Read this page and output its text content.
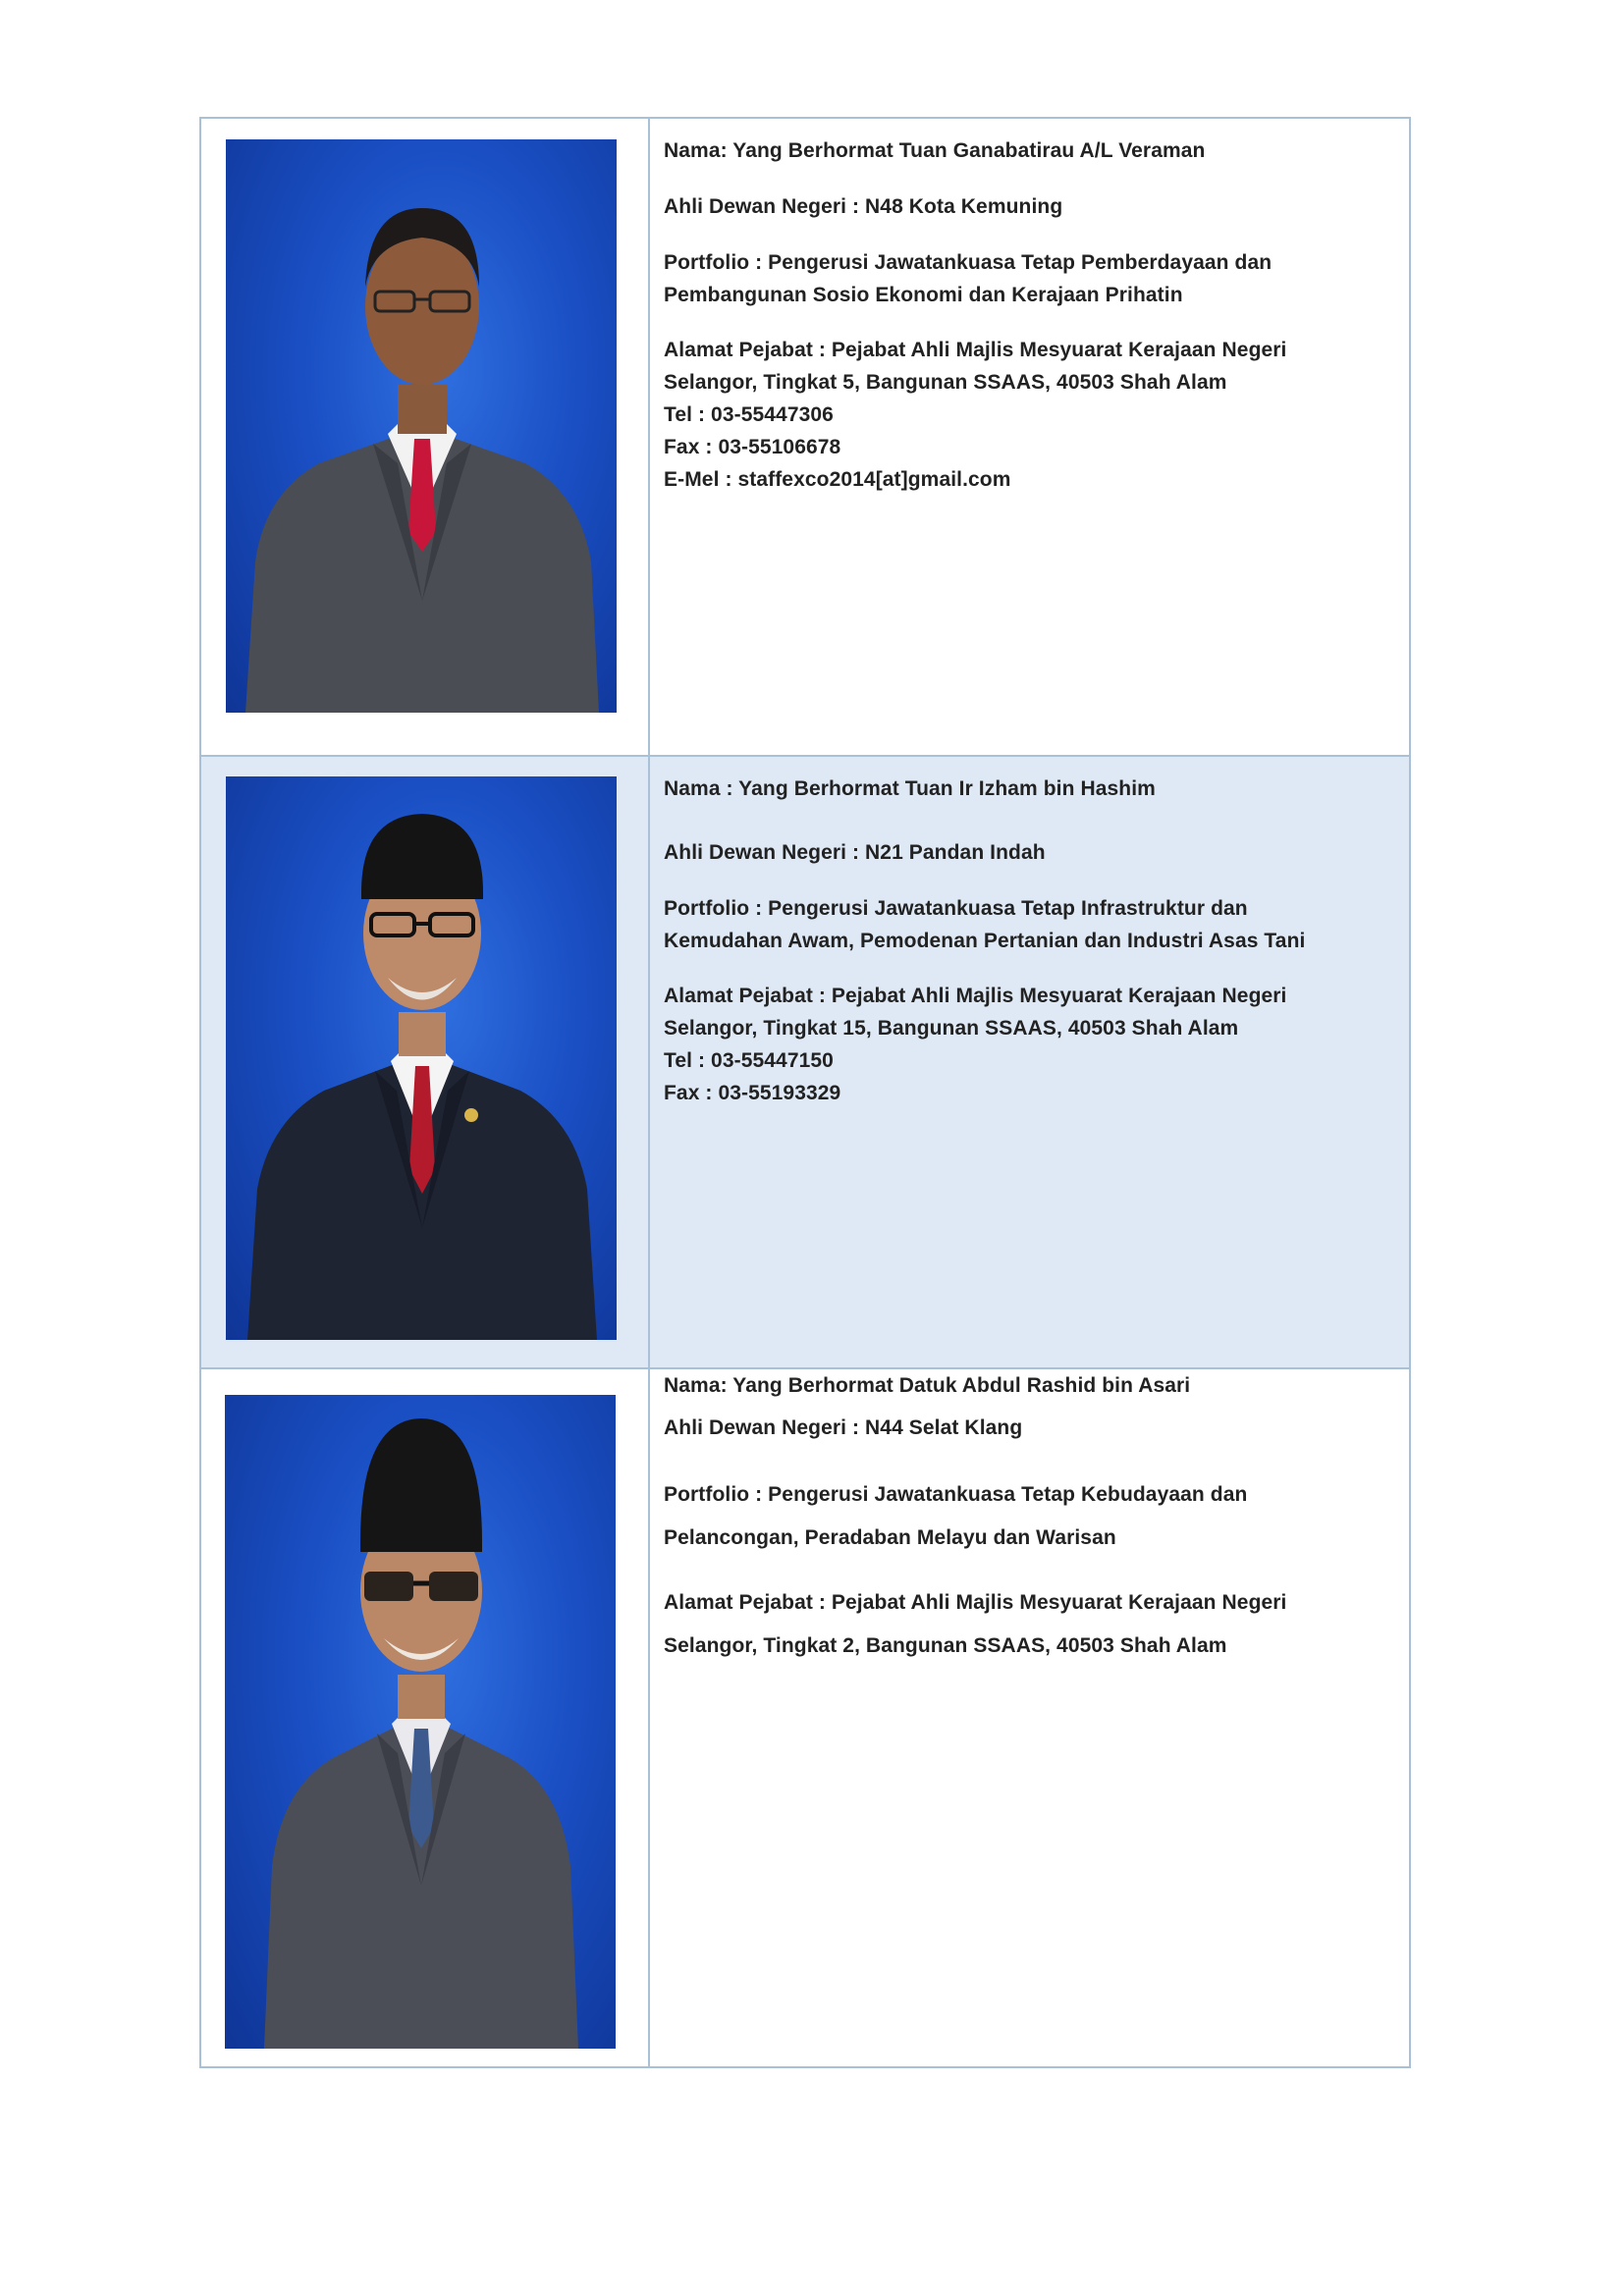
Nama: Yang Berhormat Tuan Ganabatirau A/L Veraman

Ahli Dewan Negeri : N48 Kota Kemuning

Portfolio : Pengerusi Jawatankuasa Tetap Pemberdayaan dan

Pembangunan Sosio Ekonomi dan Kerajaan Prihatin

Alamat Pejabat : Pejabat Ahli Majlis Mesyuarat Kerajaan Negeri

Selangor, Tingkat 5, Bangunan SSAAS, 40503 Shah Alam

Tel : 03-55447306

Fax : 03-55106678

E-Mel : staffexco2014[at]gmail.com

Nama : Yang Berhormat Tuan Ir Izham bin Hashim

Ahli Dewan Negeri : N21 Pandan Indah

Portfolio : Pengerusi Jawatankuasa Tetap Infrastruktur dan

Kemudahan Awam, Pemodenan Pertanian dan Industri Asas Tani

Alamat Pejabat : Pejabat Ahli Majlis Mesyuarat Kerajaan Negeri

Selangor, Tingkat 15, Bangunan SSAAS, 40503 Shah Alam

Tel : 03-55447150

Fax : 03-55193329

Nama: Yang Berhormat Datuk Abdul Rashid bin Asari

Ahli Dewan Negeri : N44 Selat Klang

Portfolio : Pengerusi Jawatankuasa Tetap Kebudayaan dan

Pelancongan, Peradaban Melayu dan Warisan

Alamat Pejabat : Pejabat Ahli Majlis Mesyuarat Kerajaan Negeri

Selangor, Tingkat 2, Bangunan SSAAS, 40503 Shah Alam
